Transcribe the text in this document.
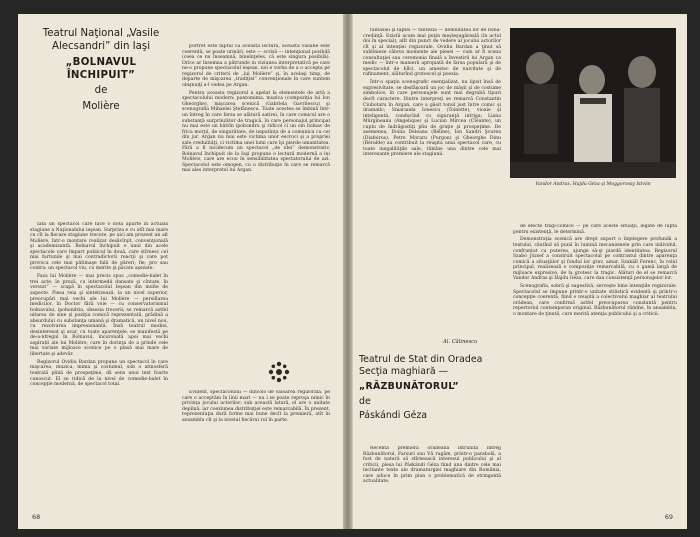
Teatrul Naţional „Vasile Alecsandri” din Iaşi
„BOLNAVUL ÎNCHIPUIT”
de
Molière

Iată un spectacol care face o notă aparte în actuala stagiune a Naţionalului ieşean. Surpriza e cu atît mai mare cu cît la fiecare stagiune trecute, pe aici am prezent un alt Molière, într-o montare realizat desăvîrşit, convenţională şi academizantă. Bolnavul închipuit e unul din acele spectacole care împart publicul în două, care stîrnesc cel mai furtunile şi mai contradictorii reacţii şi care pot provoca cele mai pătimaşe falii de păreri; fie, pro sau contra: un spectacol viu, cu merite şi păcate aşezate.

Faza lui Molière — mai precis spus „comedie-balet în trei acte, în proză, cu intermedii dansate şi cîntate, în versuri” — scapă în spectacolul Ieşean din multe de aspecte. Piesa reia şi sintetizează, la un nivel superior, preocupări mai vechi ale lui Molière — persiflarea medicilor, în Doctor fără voie — cu conservatorismul bolnavului, ipohondria, obsesia trecerii; se remarcă astfel uitarea de sine şi poziţia comică reprezentată, grădină a absurdului cu substanţa umană şi dramatică, un nivel nou, cu rezolvarea impresionantă. Însă teatrul mediei, desinteresat şi avar, cu toate aparenţele, se manifestă pe de-a-ntregul în Bolnavul, încoronată apoi mai vechi aspirații ale lui Molière, care în dorinţa de a prinde cele mai variate mijloace scenice pe o plasă mai mare de libertate şi adevăr.

Regizorul Ovidiu Bardan propune un spectacol în care mişcarea, muzica, mima şi costumul, sub o atmosferă teatrală plină de prospeţime, dă sens unui text foarte cunoscut. El se ridică de la nivel de comedie-balet în concepţie modernă, de spectacol total.

portret este faptul că această lectură, această viziune este coerentă, se poate urmări, este — scrisă — intenţional posibilă (ceea ce nu înseamnă, bineînţeles, că este singura posibilă). Orice ar însemna a pătrunde in viziunea interpretativă pe care ne-o propune spectacolul ieşean, noi e vorba de a o accepta pe regizorul de criterii de „lui Molière” şi, în acelaşi timp, de departe de mişcarea „tradiţiei” convenţionale în care suntem obişnuiţi a-l vedea pe Argan.

Pentru aceasta regizorul a apelat la elementele de artă a spectacolului modern: pantomima, muzica (compoziţia lui Ion Gheorghe), mişcarea scenică (Gabriela Gavrilescu) şi scenografia Mihaelei Ştefănescu. Toate acestea se îmbină într-un întreg în care farsa se alătură satirei, în care comicul are o substanţă surprinzător de tragică, în care personajul principal nu mai este un bătrîn ipohondru şi ridicol ci un om bolnav de frica morţii, de singurătate, de neputinţa de a comunica cu cei din jur. Argan nu mai este victima unor escroci şi a propriei sale credulităţi, ci victima unei lumi care îşi pierde umanitatea. Fără a fi nicidecum un spectacol „de idei” demonstrativ, Bolnavul închipuit de la Iaşi propune o lectură modernă a lui Molière, care are ecou în sensibilitatea spectatorului de azi. Spectacolul este omogen, cu o distribuţie în care se remarcă mai ales interpretul lui Argan.

68

fantasiei şi faptei — fantezia — demnitatea lor de bună-credinţă. Există acum mai puţin meşteşugăreală (în actul doi în special), atît din punct de vedere al jocului actorilor cît şi al intenţiei regizorale. Ovidiu Bardan a ţinut să sublinieze câteva momente ale piesei — cum ar fi scena consultaţiei sau ceremonia finală a învestirii lui Argan ca medic — într-o manieră apropiată de farsa populară şi de spectacolul de bîlci, un amestec de naivitate şi de rafinament, alăturînd grotescul şi poezia.

Într-o spaţiu scenografic esenţializat, nu lipsit însă de expresivitate, se desfăşoară un joc de măşti şi de costume simbolice, în care personajele sunt mai degrabă tipuri decît caractere. Dintre interpreţi se remarcă Constantin Ciubotaru în Argan, care a găsit tonul just între comic şi dramatic; Smaranda Ionescu (Toinette), vioaie şi inteligentă, conducînd cu siguranţă intriga; Liana Mărgineanu (Angelique) şi Lucian Mircea (Cléante), un cuplu de îndrăgostiţi plin de graţie şi prospeţime. De asemenea, Doina Deleanu (Béline), Ion Sandri Şcurea (Diafoirus), Petre Moraru (Purgon) şi Gheorghe Dinu (Béralde) au contribuit la reuşita unui spectacol care, cu toate inegalităţile sale, rămîne una dintre cele mai interesante premiere ale stagiunii.

Al. Călinescu
Teatrul de Stat din Oradea Secţia maghiară —
„RĂZBUNĂTORUL”
de
Páskándi Géza

Recenta premieră orădeană întrunită întreg Răzbunătorul, Farsuri sau Vă rugăm, printr-o parabolă, a fost de natură să stîrnească interesul publicului şi al criticii, piesa lui Páskándi Géza fiind una dintre cele mai incitante texte ale dramaturgiei maghiare din România, care aduce în prim plan o problematică de stringentă actualitate.

de efecte tragi-comice — pe care aceste situaţii, legate de lupta pentru existenţă, le determină.

Demonstraţia scenică are drept suport o înţelegere profundă a textului, căutînd să pună în lumină mecanismele prin care individul, confruntat cu puterea, ajunge să-şi piardă identitatea. Regizorul Szabó József a construit spectacolul pe contrastul dintre aparenţa comică a situaţiilor şi fondul lor grav, amar. Szakáll Ferenc, în rolul principal, realizează o compoziţie remarcabilă, cu o gamă largă de mijloace expresive, de la grotesc la tragic. Alături de el se remarcă Vandor Andras şi Hajdu Géza, care dau consistenţă personajelor lor.

Scenografia, sobră şi sugestivă, serveşte bine intenţiile regizorale. Spectacolul se impune printr-o unitate stilistică evidentă şi printr-o concepţie coerentă, fiind o reuşită a colectivului maghiar al teatrului orădean, care confirmă astfel preocuparea constantă pentru repertoriul contemporan original. Răzbunătorul rămîne, în ansamblu, o montare de ţinută, care merită atenţia publicului şi a criticii.

69
Vandor Andras, Hajdu Géza şi Moggorossy István

Evident, spectacolului — dincolo de valoarea regizorală, pe care o acceptăm în linii mari — nu i se poate reproşa nimic în privinţa jocului actorilor; sub această latură, el are o unitate deplină, iar coeziunea distribuţiei este remarcabilă. În prezent, reprezentaţia dură forme mai bune decît la premieră, atît în ansamblu cît şi la nivelul fiecărui rol în parte.
